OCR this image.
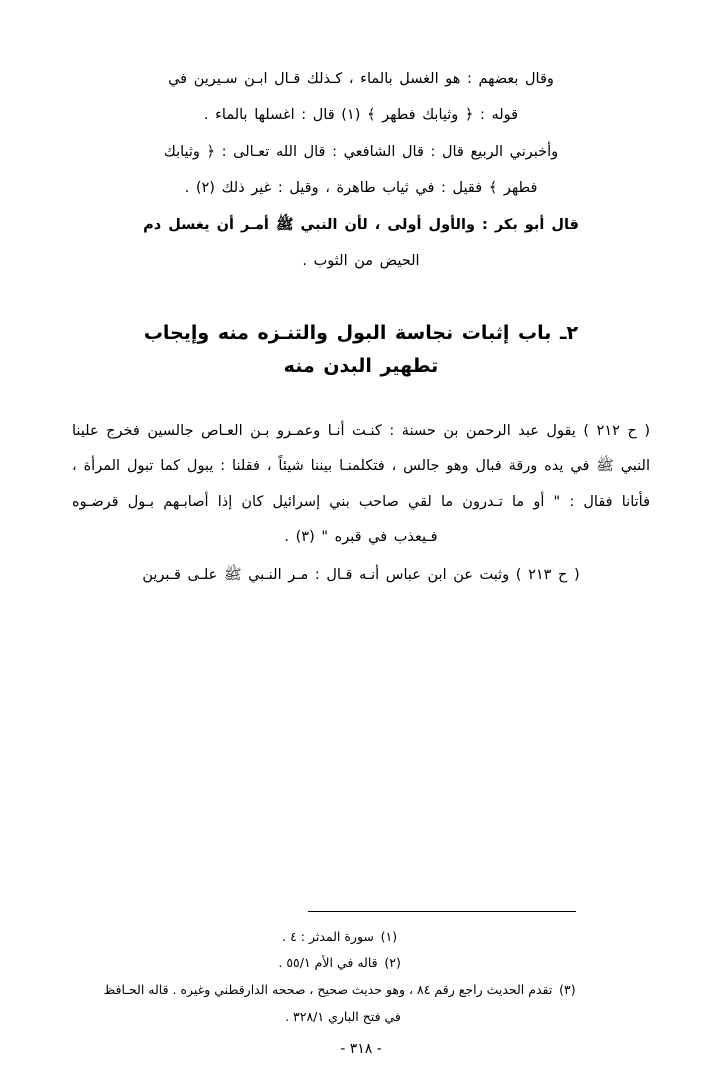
وقال بعضهم : هو الغسل بالماء ، كـذلك قـال ابـن سـيرين في
قوله : ﴿ وثيابك فطهر ﴾ (١) قال : اغسلها بالماء .

وأخبرني الربيع قال : قال الشافعي : قال الله تعـالى : ﴿ وثيابك
فطهر ﴾ فقيل : في ثياب طاهرة ، وقيل : غير ذلك (٢) .

قال أبو بكر : والأول أولى ، لأن النبي ﷺ أمـر أن يغسل دم
الحيض من الثوب .

٢ـ باب إثبات نجاسة البول والتنـزه منه وإيجاب
تطهير البدن منه

( ح ٢١٢ ) يقول عبد الرحمن بن حسنة : كنـت أنـا وعمـرو بـن العـاص جالسين فخرج علينا النبي ﷺ في يده ورقة فبال وهو جالس ، فتكلمنـا بيننا شيئاً ، فقلنا : يبول كما تبول المرأة ، فأتانا فقال : " أو ما تـدرون ما لقي صاحب بني إسرائيل كان إذا أصابـهم بـول قرضـوه فـيعذب في قبره " (٣) .

( ح ٢١٣ ) وثبت عن ابن عباس أنـه قـال : مـر النـبي ﷺ علـى قـبرين

(١)سورة المدثر : ٤ .
(٢)قاله في الأم ٥٥/١ .
(٣)تقدم الحديث راجع رقم ٨٤ ، وهو حديث صحيح ، صححه الدارقطني وغيره . قاله الحـافظ
في فتح الباري ٣٢٨/١ .
- ٣١٨ -
